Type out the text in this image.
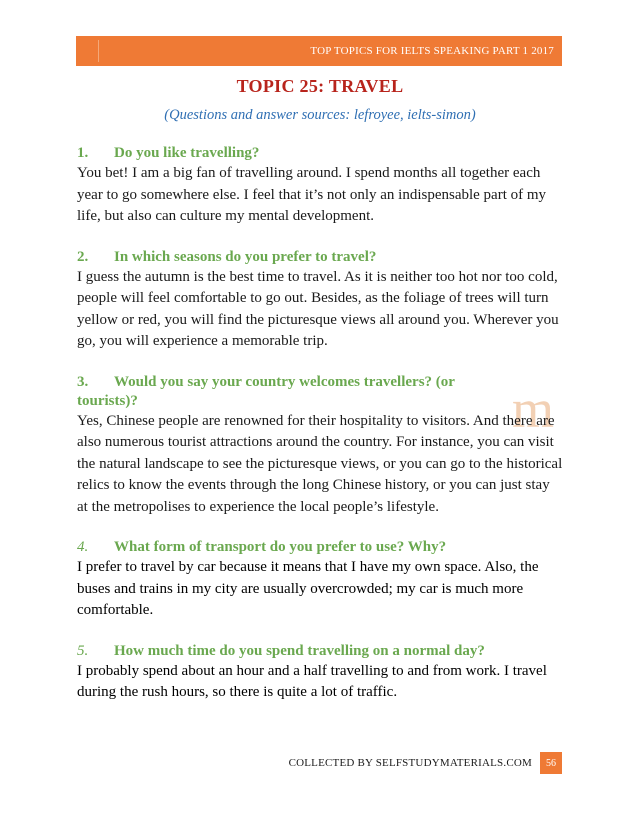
TOP TOPICS FOR IELTS SPEAKING PART 1 2017
m
TOPIC 25: TRAVEL
(Questions and answer sources: lefroyee, ielts-simon)
1.	Do you like travelling?
You bet! I am a big fan of travelling around. I spend months all together each year to go somewhere else. I feel that it’s not only an indispensable part of my life, but also can culture my mental development.
2.	In which seasons do you prefer to travel?
I guess the autumn is the best time to travel. As it is neither too hot nor too cold, people will feel comfortable to go out. Besides, as the foliage of trees will turn yellow or red, you will find the picturesque views all around you. Wherever you go, you will experience a memorable trip.
3.	Would you say your country welcomes travellers? (or
tourists)?
Yes, Chinese people are renowned for their hospitality to visitors. And there are also numerous tourist attractions around the country. For instance, you can visit the natural landscape to see the picturesque views, or you can go to the historical relics to know the events through the long Chinese history, or you can just stay at the metropolises to experience the local people’s lifestyle.
4.	What form of transport do you prefer to use? Why?
I prefer to travel by car because it means that I have my own space. Also, the buses and trains in my city are usually overcrowded; my car is much more comfortable.
5.	How much time do you spend travelling on a normal day?
I probably spend about an hour and a half travelling to and from work. I travel during the rush hours, so there is quite a lot of traffic.
COLLECTED BY SELFSTUDYMATERIALS.COM	56
